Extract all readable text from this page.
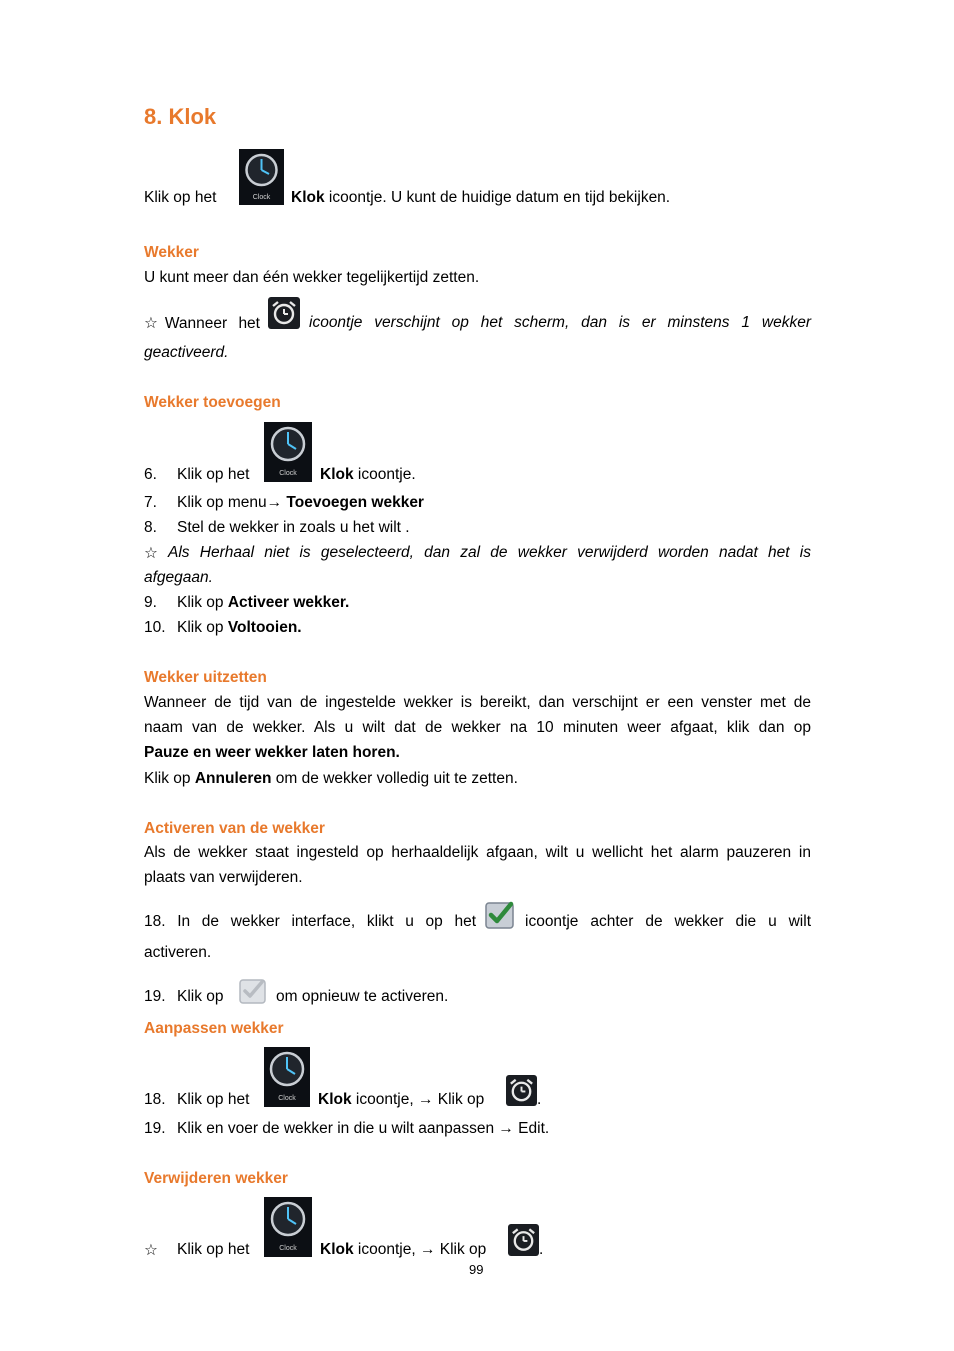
8. Klok
Klik op het	Clock Klok icoontje. U kunt de huidige datum en tijd bekijken.
Wekker
U kunt meer dan één wekker tegelijkertijd zetten.
☆Wanneer het	icoontje verschijnt op het scherm, dan is er minstens 1 wekker
geactiveerd.
Wekker toevoegen
6. Klik op het	Clock Klok icoontje.
7. Klik op menu→ Toevoegen wekker
8. Stel de wekker in zoals u het wilt .
☆ Als Herhaal niet is geselecteerd, dan zal de wekker verwijderd worden nadat het is
afgegaan.
9. Klik op Activeer wekker.
10. Klik op Voltooien.
Wekker uitzetten
Wanneer de tijd van de ingestelde wekker is bereikt, dan verschijnt er een venster met de
naam van de wekker. Als u wilt dat de wekker na 10 minuten weer afgaat, klik dan op
Pauze en weer wekker laten horen.
Klik op Annuleren om de wekker volledig uit te zetten.
Activeren van de wekker
Als de wekker staat ingesteld op herhaaldelijk afgaan, wilt u wellicht het alarm pauzeren in
plaats van verwijderen.
18. In de wekker interface, klikt u op het	icoontje achter de wekker die u wilt
activeren.
19. Klik op	om opnieuw te activeren.
Aanpassen wekker
18. Klik op het	Clock Klok icoontje, → Klik op	.
19. Klik en voer de wekker in die u wilt aanpassen → Edit.
Verwijderen wekker
☆ Klik op het	Clock Klok icoontje, → Klik op	.
99
